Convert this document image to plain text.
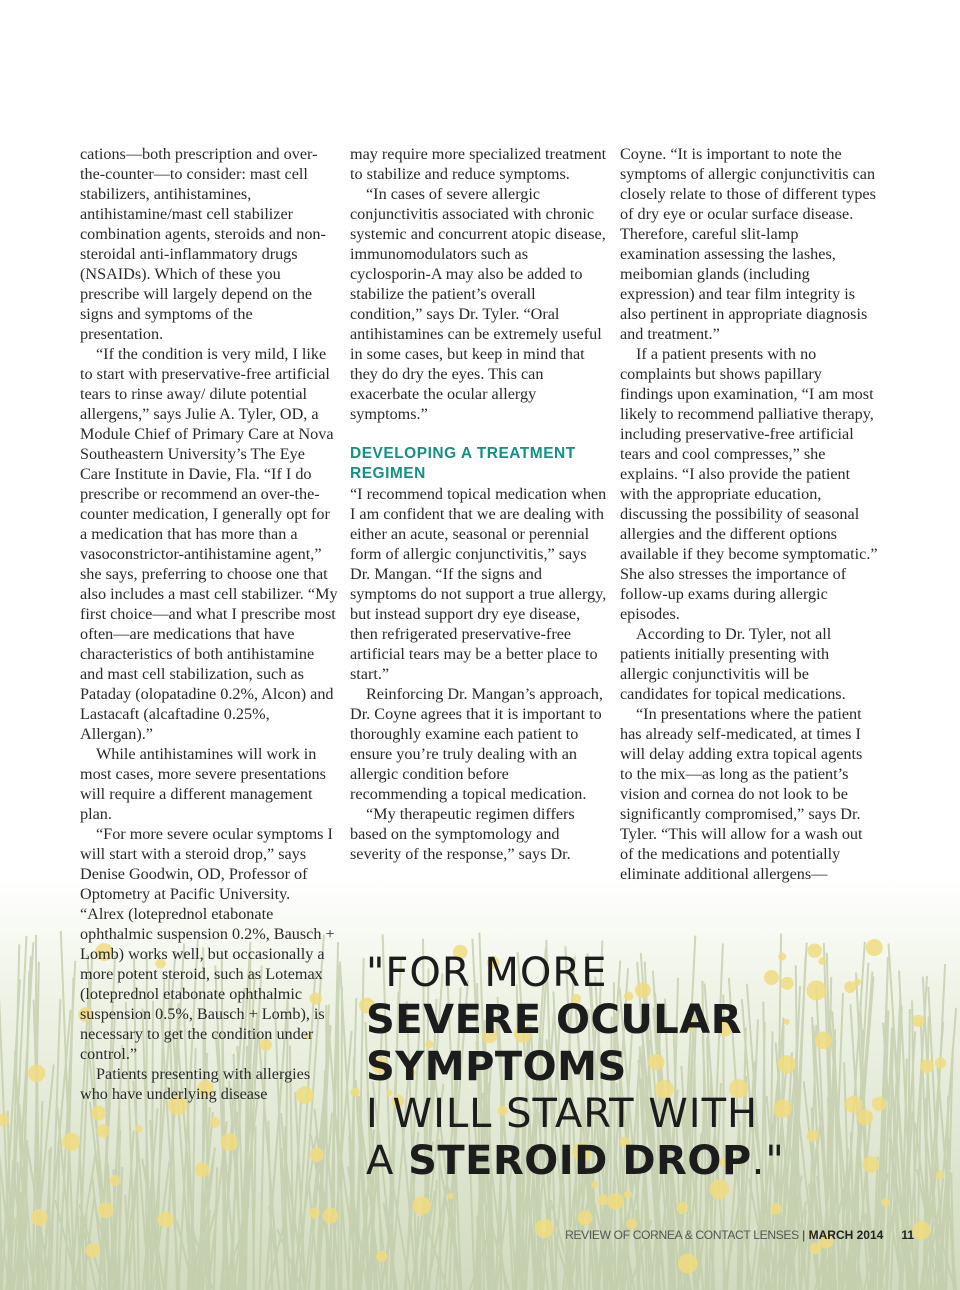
cations—both prescription and over-the-counter—to consider: mast cell stabilizers, antihistamines, antihistamine/mast cell stabilizer combination agents, steroids and non-steroidal anti-inflammatory drugs (NSAIDs). Which of these you prescribe will largely depend on the signs and symptoms of the presentation.

“If the condition is very mild, I like to start with preservative-free artificial tears to rinse away/ dilute potential allergens,” says Julie A. Tyler, OD, a Module Chief of Primary Care at Nova Southeastern University’s The Eye Care Institute in Davie, Fla. “If I do prescribe or recommend an over-the-counter medication, I generally opt for a medication that has more than a vasoconstrictor-antihistamine agent,” she says, preferring to choose one that also includes a mast cell stabilizer. “My first choice—and what I prescribe most often—are medications that have characteristics of both antihistamine and mast cell stabilization, such as Pataday (olopatadine 0.2%, Alcon) and Lastacaft (alcaftadine 0.25%, Allergan).”

While antihistamines will work in most cases, more severe presentations will require a different management plan.

“For more severe ocular symptoms I will start with a steroid drop,” says Denise Goodwin, OD, Professor of Optometry at Pacific University. “Alrex (loteprednol etabonate ophthalmic suspension 0.2%, Bausch + Lomb) works well, but occasionally a more potent steroid, such as Lotemax (loteprednol etabonate ophthalmic suspension 0.5%, Bausch + Lomb), is necessary to get the condition under control.”

Patients presenting with allergies who have underlying disease

may require more specialized treatment to stabilize and reduce symptoms.

“In cases of severe allergic conjunctivitis associated with chronic systemic and concurrent atopic disease, immunomodulators such as cyclosporin-A may also be added to stabilize the patient’s overall condition,” says Dr. Tyler. “Oral antihistamines can be extremely useful in some cases, but keep in mind that they do dry the eyes. This can exacerbate the ocular allergy symptoms.”

DEVELOPING A TREATMENT REGIMEN

“I recommend topical medication when I am confident that we are dealing with either an acute, seasonal or perennial form of allergic conjunctivitis,” says Dr. Mangan. “If the signs and symptoms do not support a true allergy, but instead support dry eye disease, then refrigerated preservative-free artificial tears may be a better place to start.”

Reinforcing Dr. Mangan’s approach, Dr. Coyne agrees that it is important to thoroughly examine each patient to ensure you’re truly dealing with an allergic condition before recommending a topical medication.

“My therapeutic regimen differs based on the symptomology and severity of the response,” says Dr.

Coyne. “It is important to note the symptoms of allergic conjunctivitis can closely relate to those of different types of dry eye or ocular surface disease. Therefore, careful slit-lamp examination assessing the lashes, meibomian glands (including expression) and tear film integrity is also pertinent in appropriate diagnosis and treatment.”

If a patient presents with no complaints but shows papillary findings upon examination, “I am most likely to recommend palliative therapy, including preservative-free artificial tears and cool compresses,” she explains. “I also provide the patient with the appropriate education, discussing the possibility of seasonal allergies and the different options available if they become symptomatic.” She also stresses the importance of follow-up exams during allergic episodes.

According to Dr. Tyler, not all patients initially presenting with allergic conjunctivitis will be candidates for topical medications.

“In presentations where the patient has already self-medicated, at times I will delay adding extra topical agents to the mix—as long as the patient’s vision and cornea do not look to be significantly compromised,” says Dr. Tyler. “This will allow for a wash out of the medications and potentially eliminate additional allergens—

"FOR MORE
SEVERE OCULAR
SYMPTOMS
I WILL START WITH
A STEROID DROP."
REVIEW OF CORNEA & CONTACT LENSES | MARCH 2014 11
